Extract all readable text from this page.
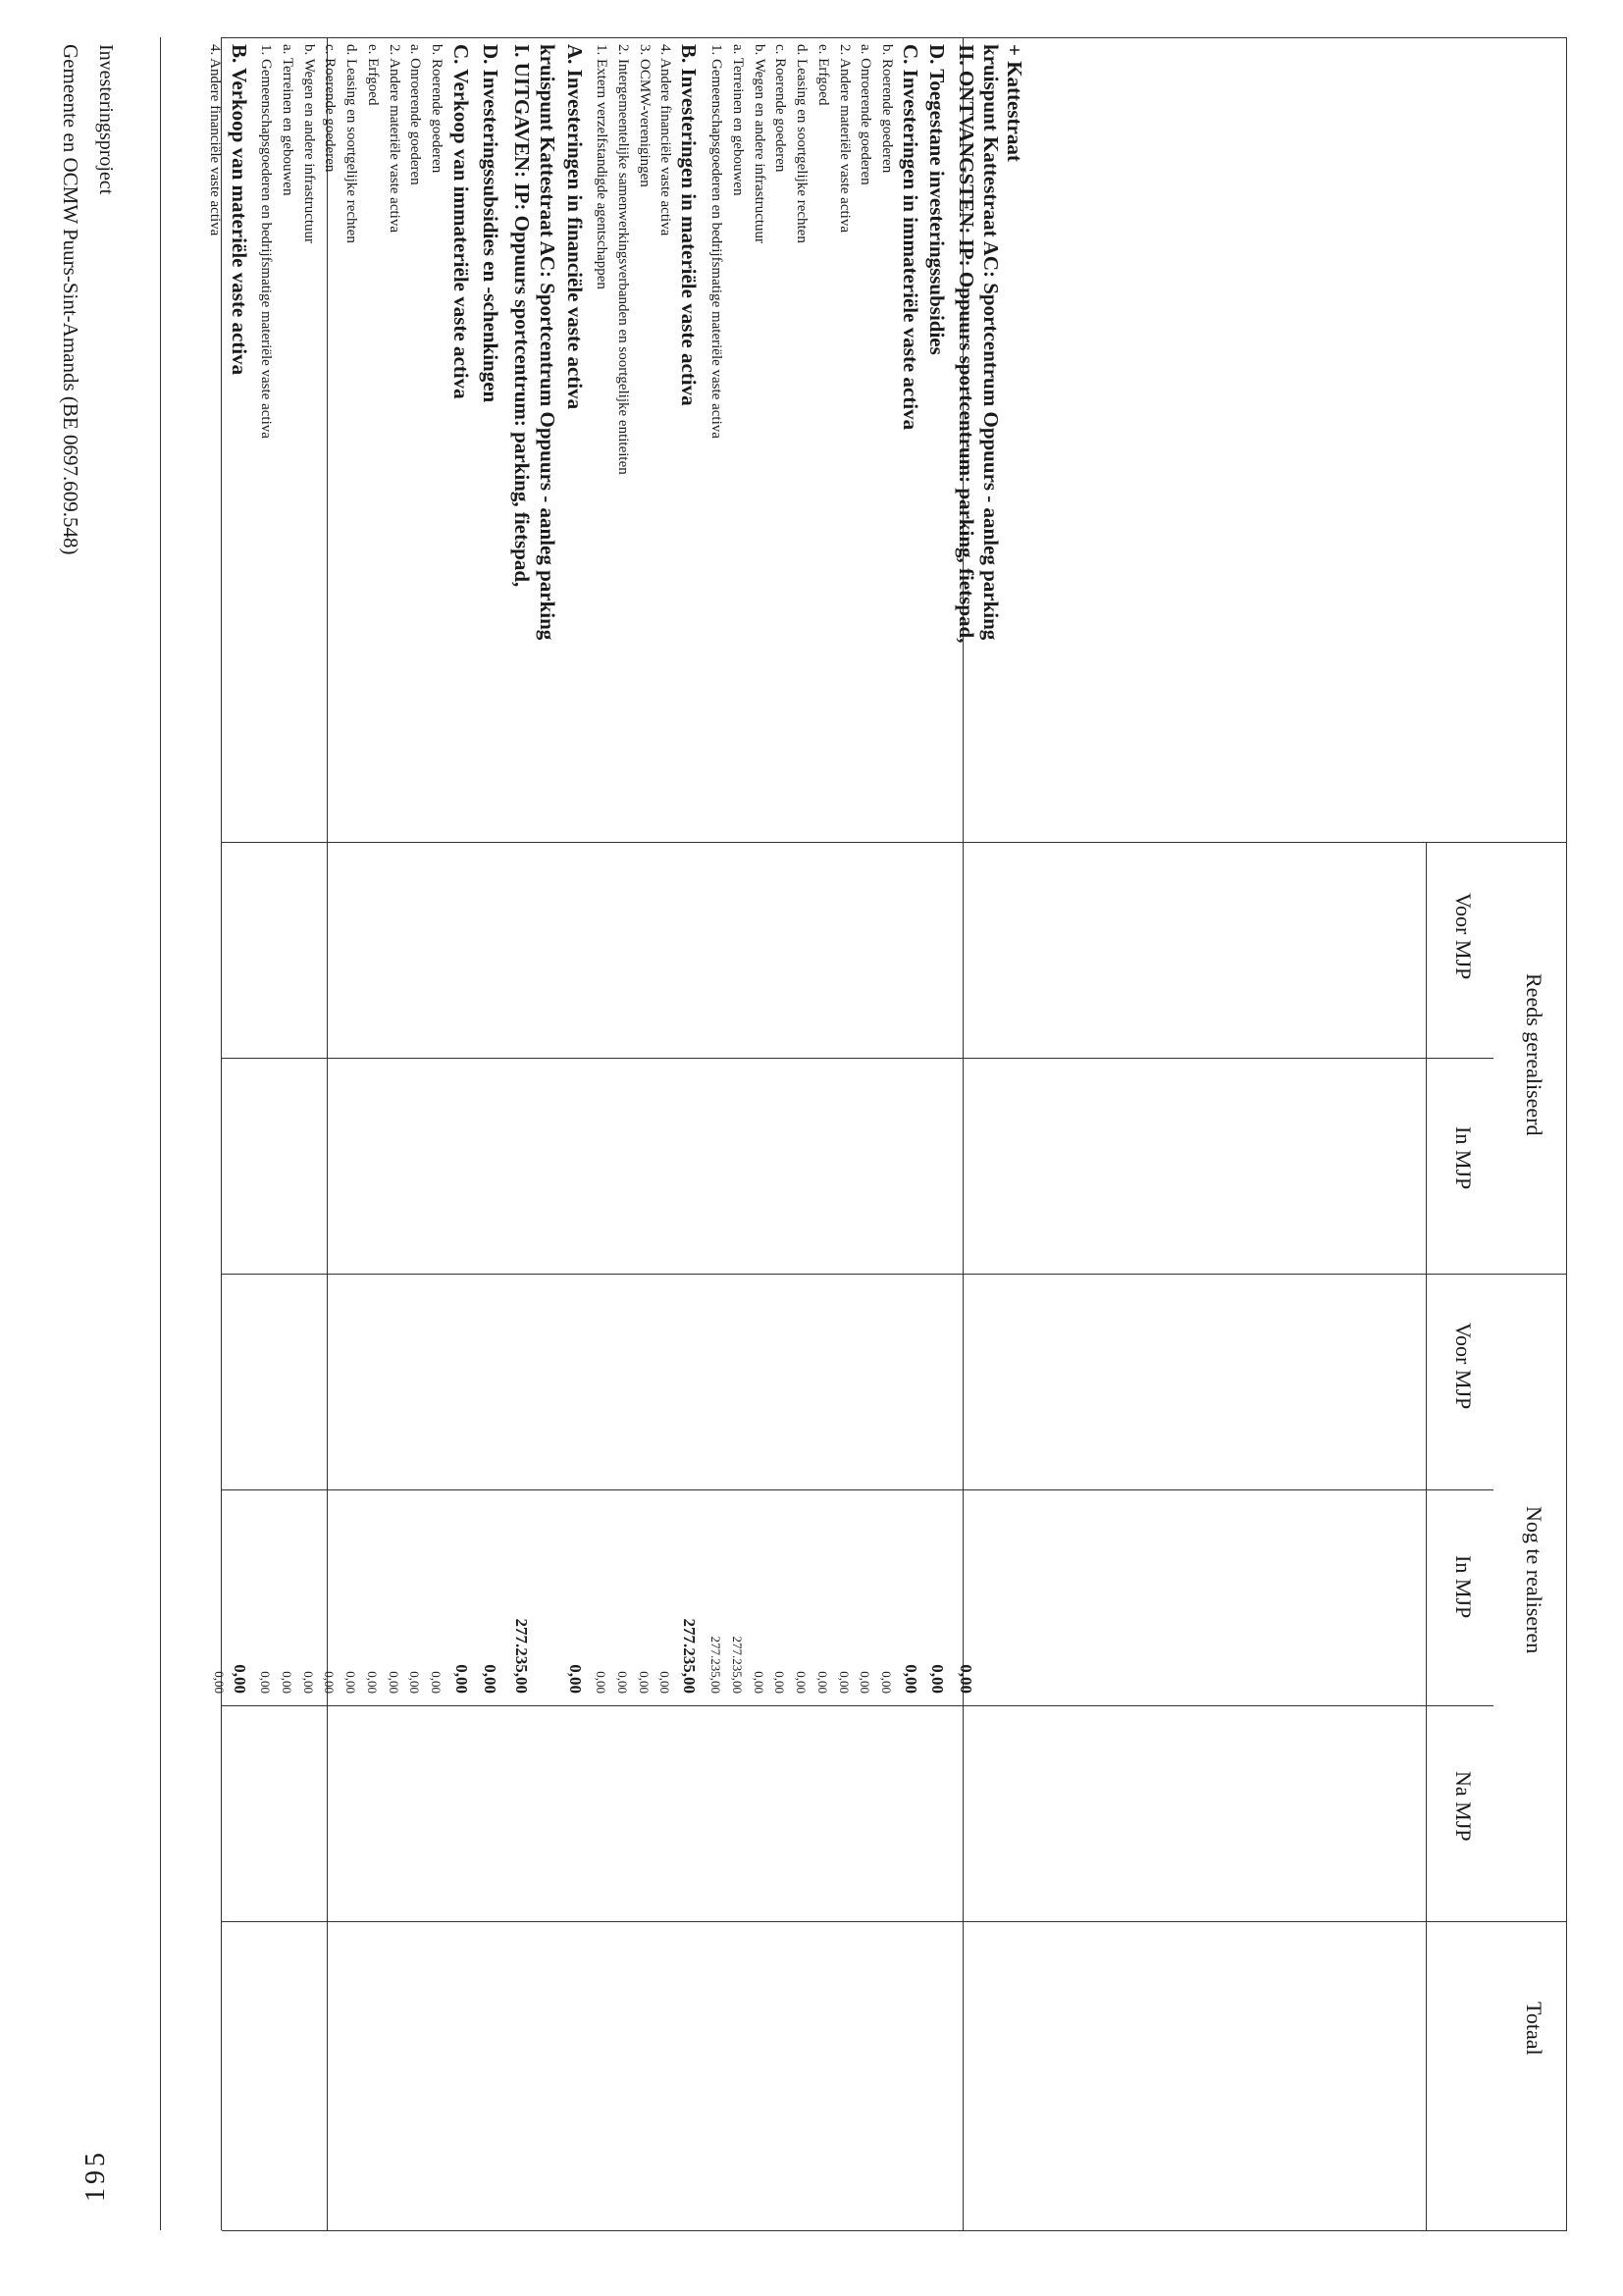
Reeds gerealiseerd
Nog te realiseren
Totaal
Voor MJP
In MJP
Voor MJP
In MJP
Na MJP
4. Andere financiële vaste activa
0,00
B. Verkoop van materiële vaste activa
0,00
1. Gemeenschapsgoederen en bedrijfsmatige materiële vaste activa
0,00
a. Terreinen en gebouwen
0,00
b. Wegen en andere infrastructuur
0,00
c. Roerende goederen
0,00
d. Leasing en soortgelijke rechten
0,00
e. Erfgoed
0,00
2. Andere materiële vaste activa
0,00
a. Onroerende goederen
0,00
b. Roerende goederen
0,00
C. Verkoop van immateriële vaste activa
0,00
D. Investeringssubsidies en -schenkingen
0,00
I. UITGAVEN: IP: Oppuurs sportcentrum: parking, fietspad, kruispunt Kattestraat AC: Sportcentrum Oppuurs - aanleg parking
277.235,00
A. Investeringen in financiële vaste activa
0,00
1. Extern verzelfstandigde agentschappen
0,00
2. Intergemeentelijke samenwerkingsverbanden en soortgelijke entiteiten
0,00
3. OCMW-verenigingen
0,00
4. Andere financiële vaste activa
0,00
B. Investeringen in materiële vaste activa
277.235,00
1. Gemeenschapsgoederen en bedrijfsmatige materiële vaste activa
277.235,00
a. Terreinen en gebouwen
277.235,00
b. Wegen en andere infrastructuur
0,00
c. Roerende goederen
0,00
d. Leasing en soortgelijke rechten
0,00
e. Erfgoed
0,00
2. Andere materiële vaste activa
0,00
a. Onroerende goederen
0,00
b. Roerende goederen
0,00
C. Investeringen in immateriële vaste activa
0,00
D. Toegestane investeringssubsidies
0,00
II. ONTVANGSTEN: IP: Oppuurs sportcentrum: parking, fietspad, kruispunt Kattestraat AC: Sportcentrum Oppuurs - aanleg parking + Kattestraat
0,00
Investeringsproject
Gemeente en OCMW Puurs-Sint-Amands (BE 0697.609.548)
195
